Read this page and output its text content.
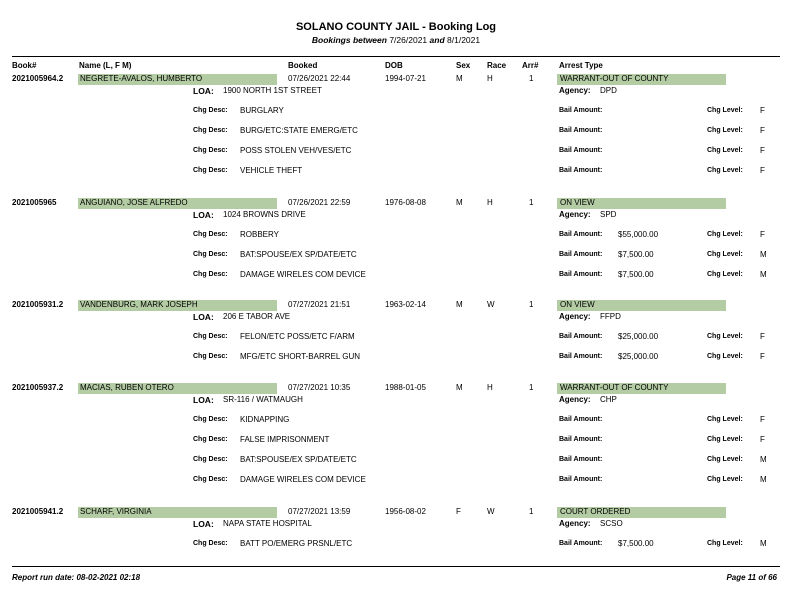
SOLANO COUNTY JAIL - Booking Log
Bookings between 7/26/2021 and 8/1/2021
Book#	Name (L, F M)	Booked	DOB	Sex Race Arr#	Arrest Type
2021005964.2 NEGRETE-AVALOS, HUMBERTO	07/26/2021 22:44	1994-07-21	M	H	1	WARRANT-OUT OF COUNTY
LOA: 1900 NORTH 1ST STREET	Agency: DPD
Chg Desc: BURGLARY	Bail Amount:	Chg Level: F
Chg Desc: BURG/ETC:STATE EMERG/ETC	Bail Amount:	Chg Level: F
Chg Desc: POSS STOLEN VEH/VES/ETC	Bail Amount:	Chg Level: F
Chg Desc: VEHICLE THEFT	Bail Amount:	Chg Level: F
2021005965	ANGUIANO, JOSE ALFREDO	07/26/2021 22:59	1976-08-08	M	H	1	ON VIEW
LOA: 1024 BROWNS DRIVE	Agency: SPD
Chg Desc: ROBBERY	Bail Amount: $55,000.00	Chg Level: F
Chg Desc: BAT:SPOUSE/EX SP/DATE/ETC	Bail Amount: $7,500.00	Chg Level: M
Chg Desc: DAMAGE WIRELES COM DEVICE	Bail Amount: $7,500.00	Chg Level: M
2021005931.2 VANDENBURG, MARK JOSEPH	07/27/2021 21:51	1963-02-14	M	W	1	ON VIEW
LOA: 206 E TABOR AVE	Agency: FFPD
Chg Desc: FELON/ETC POSS/ETC F/ARM	Bail Amount: $25,000.00	Chg Level: F
Chg Desc: MFG/ETC SHORT-BARREL GUN	Bail Amount: $25,000.00	Chg Level: F
2021005937.2 MACIAS, RUBEN OTERO	07/27/2021 10:35	1988-01-05	M	H	1	WARRANT-OUT OF COUNTY
LOA: SR-116 / WATMAUGH	Agency: CHP
Chg Desc: KIDNAPPING	Bail Amount:	Chg Level: F
Chg Desc: FALSE IMPRISONMENT	Bail Amount:	Chg Level: F
Chg Desc: BAT:SPOUSE/EX SP/DATE/ETC	Bail Amount:	Chg Level: M
Chg Desc: DAMAGE WIRELES COM DEVICE	Bail Amount:	Chg Level: M
2021005941.2 SCHARF, VIRGINIA	07/27/2021 13:59	1956-08-02	F	W	1	COURT ORDERED
LOA: NAPA STATE HOSPITAL	Agency: SCSO
Chg Desc: BATT PO/EMERG PRSNL/ETC	Bail Amount: $7,500.00	Chg Level: M
Report run date: 08-02-2021 02:18	Page 11 of 66
